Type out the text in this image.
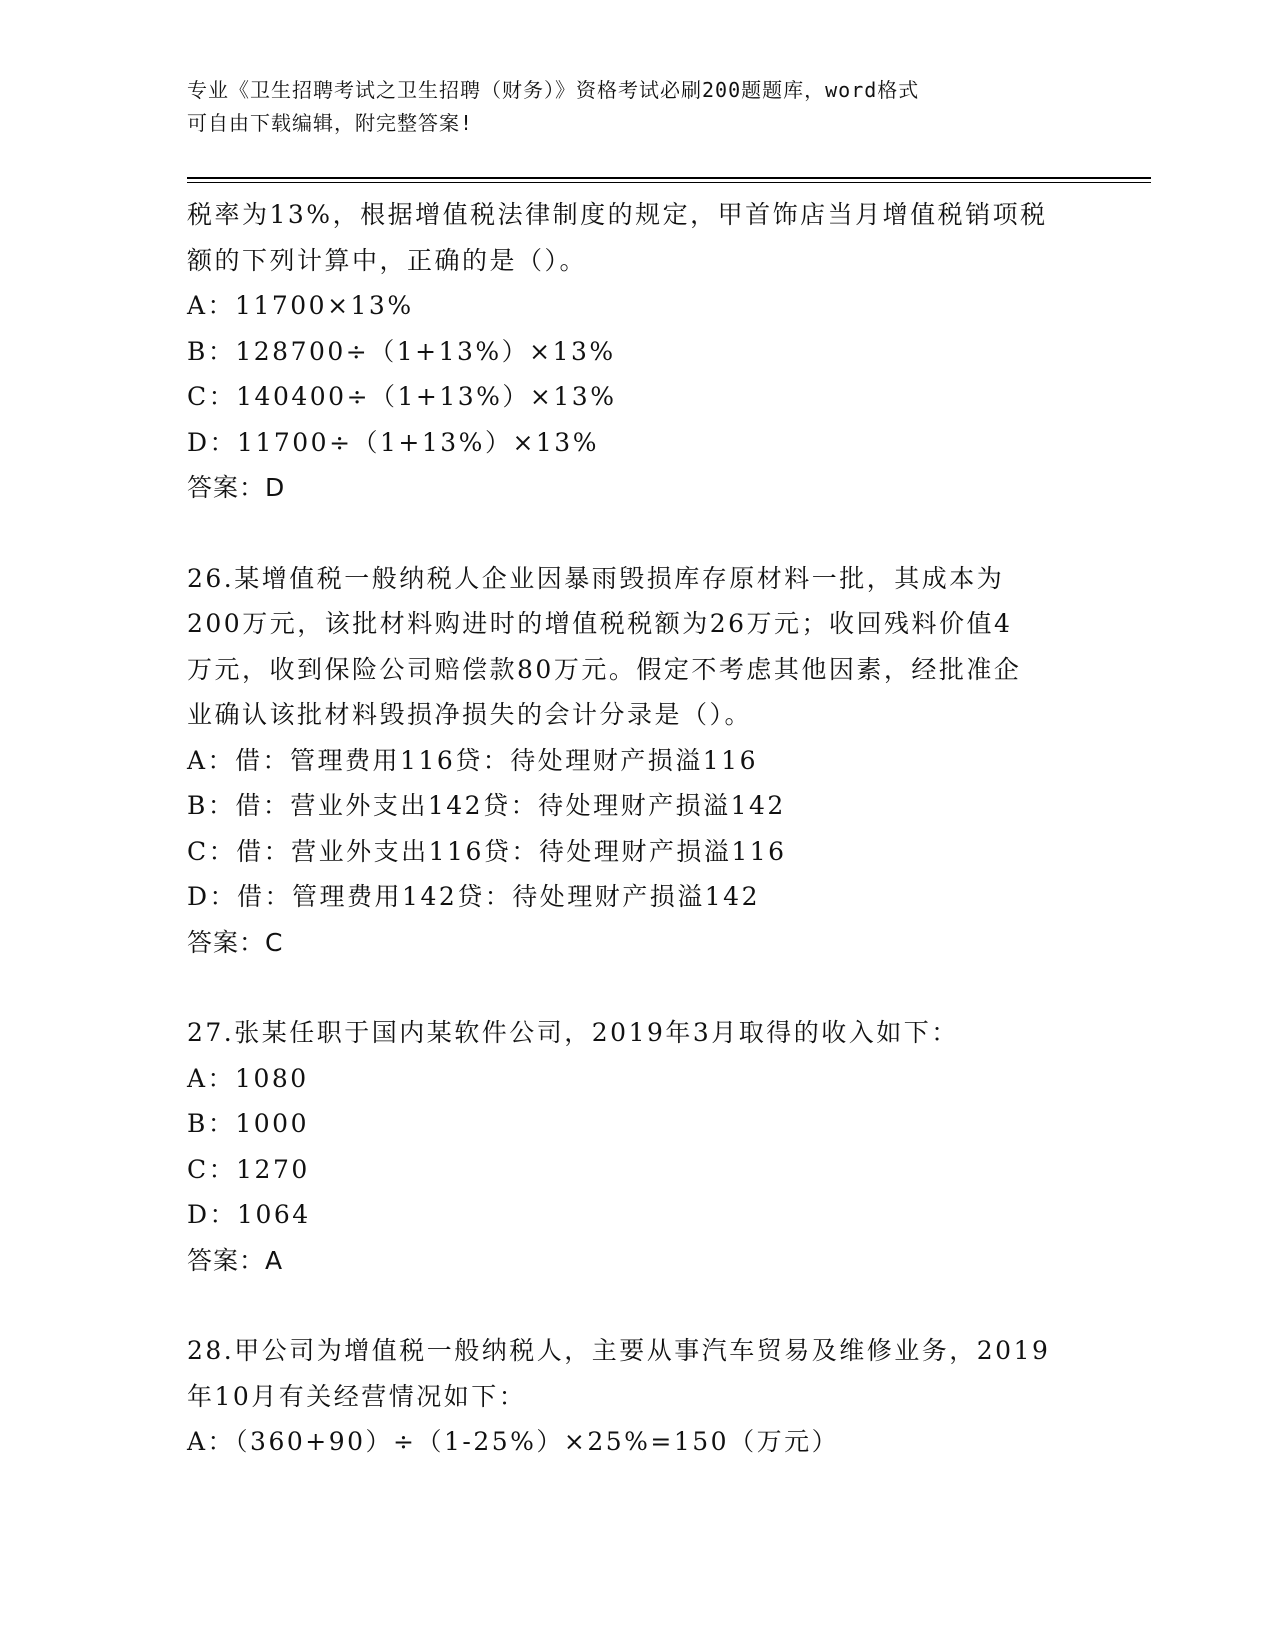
专业《卫生招聘考试之卫生招聘（财务）》资格考试必刷200题题库，word格式
可自由下载编辑，附完整答案!

税率为13%，根据增值税法律制度的规定，甲首饰店当月增值税销项税

额的下列计算中，正确的是（）。

A：11700×13%

B：128700÷（1+13%）×13%

C：140400÷（1+13%）×13%

D：11700÷（1+13%）×13%

答案：D

26.某增值税一般纳税人企业因暴雨毁损库存原材料一批，其成本为

200万元，该批材料购进时的增值税税额为26万元；收回残料价值4

万元，收到保险公司赔偿款80万元。假定不考虑其他因素，经批准企

业确认该批材料毁损净损失的会计分录是（）。

A：借：管理费用116贷：待处理财产损溢116

B：借：营业外支出142贷：待处理财产损溢142

C：借：营业外支出116贷：待处理财产损溢116

D：借：管理费用142贷：待处理财产损溢142

答案：C

27.张某任职于国内某软件公司，2019年3月取得的收入如下：

A：1080

B：1000

C：1270

D：1064

答案：A

28.甲公司为增值税一般纳税人，主要从事汽车贸易及维修业务，2019

年10月有关经营情况如下：

A：（360+90）÷（1-25%）×25%=150（万元）
